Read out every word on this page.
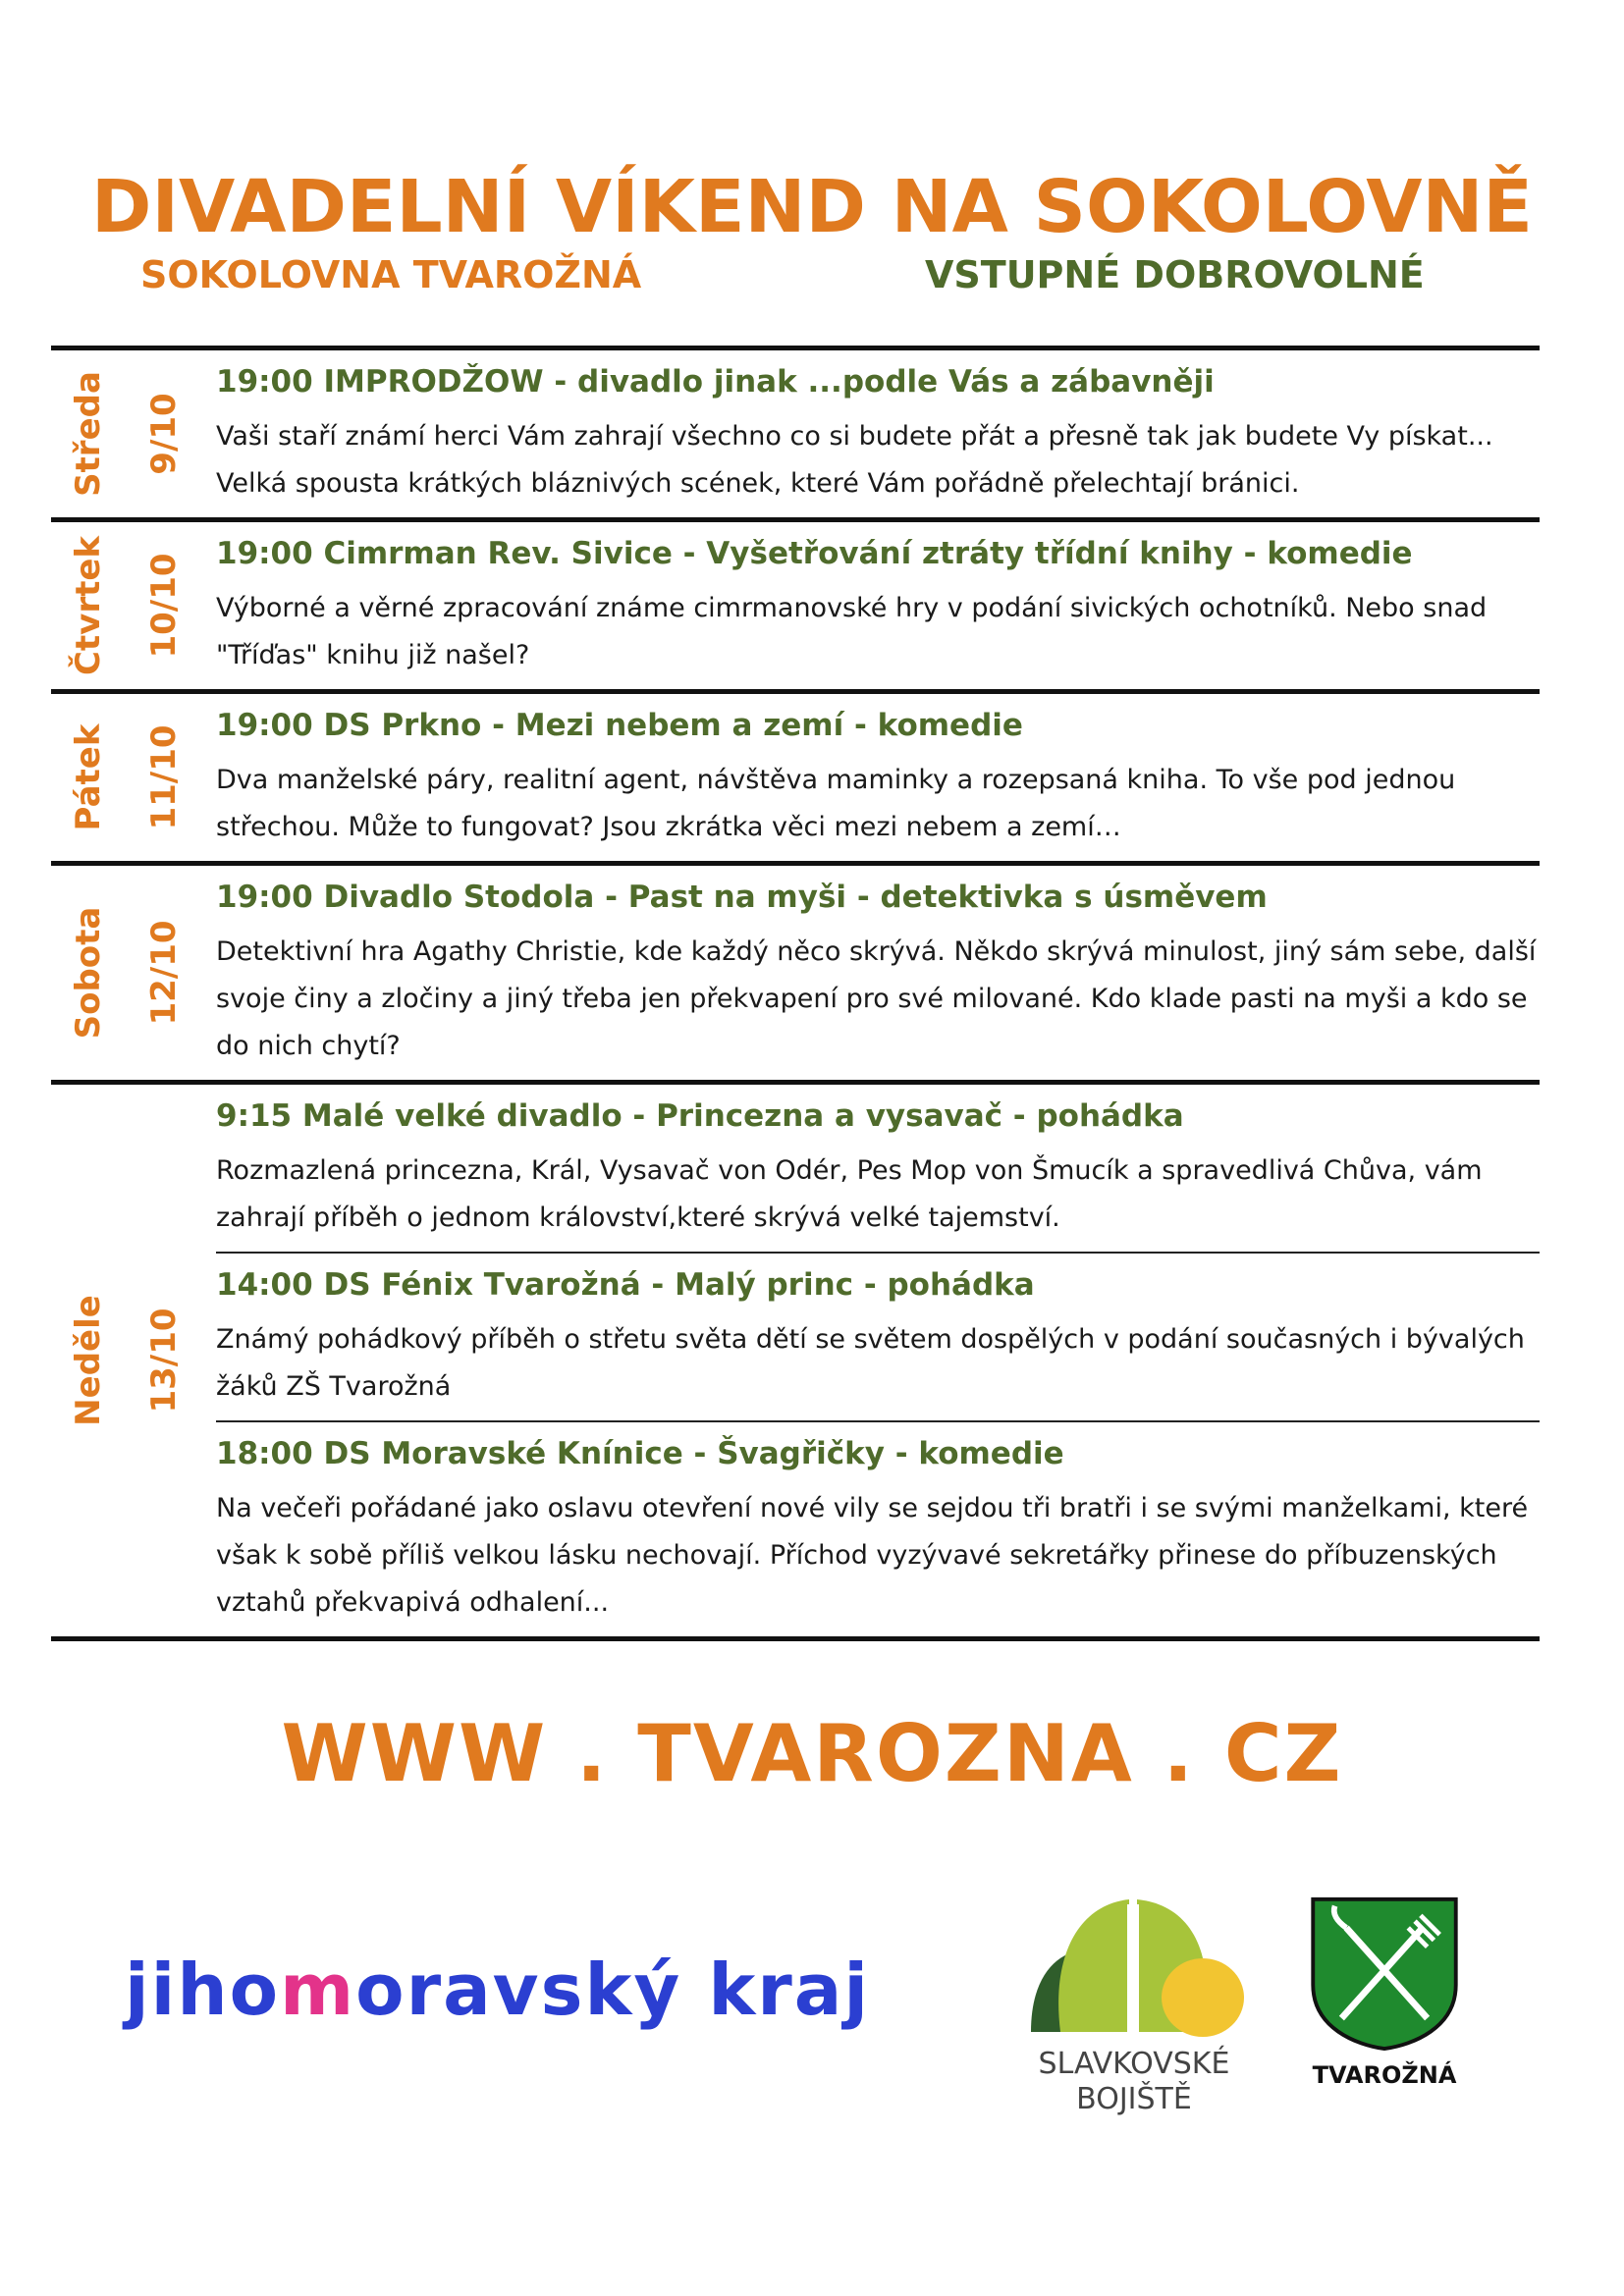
DIVADELNÍ VÍKEND NA SOKOLOVNĚ
SOKOLOVNA TVAROŽNÁ	VSTUPNÉ DOBROVOLNÉ
Středa 9/10
19:00 IMPRODŽOW - divadlo jinak ...podle Vás a zábavněji
Vaši staří známí herci Vám zahrají všechno co si budete přát a přesně tak jak budete Vy pískat... Velká spousta krátkých bláznivých scének, které Vám pořádně přelechtají bránici.
Čtvrtek 10/10 19:00 Cimrman Rev. Sivice - Vyšetřování ztráty třídní knihy - komedie
Výborné a věrné zpracování známe cimrmanovské hry v podání sivických ochotníků. Nebo snad "Tříďas" knihu již našel?
Pátek 11/10 19:00 DS Prkno - Mezi nebem a zemí - komedie
Dva manželské páry, realitní agent, návštěva maminky a rozepsaná kniha. To vše pod jednou střechou. Může to fungovat? Jsou zkrátka věci mezi nebem a zemí…
Sobota 12/10
19:00 Divadlo Stodola - Past na myši - detektivka s úsměvem
Detektivní hra Agathy Christie, kde každý něco skrývá. Někdo skrývá minulost, jiný sám sebe, další svoje činy a zločiny a jiný třeba jen překvapení pro své milované. Kdo klade pasti na myši a kdo se do nich chytí?
Neděle 13/10
9:15 Malé velké divadlo - Princezna a vysavač - pohádka
Rozmazlená princezna, Král, Vysavač von Odér, Pes Mop von Šmucík a spravedlivá Chůva, vám zahrají příběh o jednom království,které skrývá velké tajemství.
14:00 DS Fénix Tvarožná - Malý princ - pohádka
Známý pohádkový příběh o střetu světa dětí se světem dospělých v podání současných i bývalých žáků ZŠ Tvarožná
18:00 DS Moravské Knínice - Švagřičky - komedie
Na večeři pořádané jako oslavu otevření nové vily se sejdou tři bratři i se svými manželkami, které však k sobě příliš velkou lásku nechovají. Příchod vyzývavé sekretářky přinese do příbuzenských vztahů překvapivá odhalení...
WWW . TVAROZNA . CZ
jihomoravský kraj
SLAVKOVSKÉ
BOJIŠTĚ
TVAROŽNÁ
